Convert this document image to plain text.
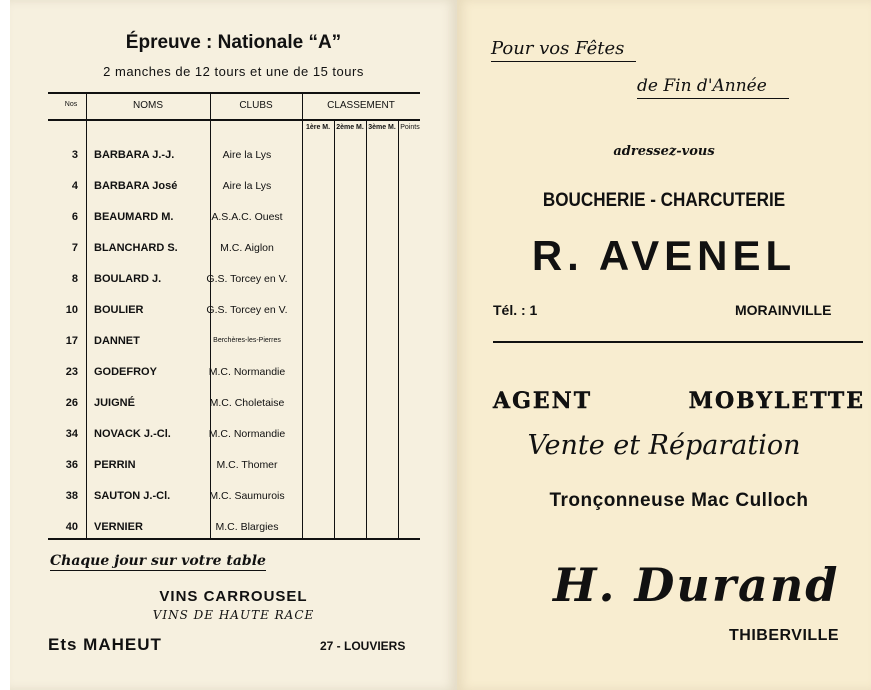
Épreuve : Nationale “A”
2 manches de 12 tours et une de 15 tours
Nos	NOMS	CLUBS	CLASSEMENT
1ère M. 2ème M. 3ème M. Points
3 BARBARA J.-J.	Aire la Lys
4 BARBARA José	Aire la Lys
6 BEAUMARD M.	A.S.A.C. Ouest
7 BLANCHARD S.	M.C. Aiglon
8 BOULARD J.	G.S. Torcey en V.
10 BOULIER	G.S. Torcey en V.
17 DANNET	Berchères-les-Pierres
23 GODEFROY	M.C. Normandie
26 JUIGNÉ	M.C. Choletaise
34 NOVACK J.-Cl.	M.C. Normandie
36 PERRIN	M.C. Thomer
38 SAUTON J.-Cl.	M.C. Saumurois
40 VERNIER	M.C. Blargies
Chaque jour sur votre table
VINS CARROUSEL
VINS DE HAUTE RACE
Ets MAHEUT	27 - LOUVIERS
Pour vos Fêtes
de Fin d'Année
adressez-vous
BOUCHERIE - CHARCUTERIE
R. AVENEL
Tél. : 1	MORAINVILLE
AGENT	MOBYLETTE
Vente et Réparation
Tronçonneuse Mac Culloch
H. Durand
THIBERVILLE
